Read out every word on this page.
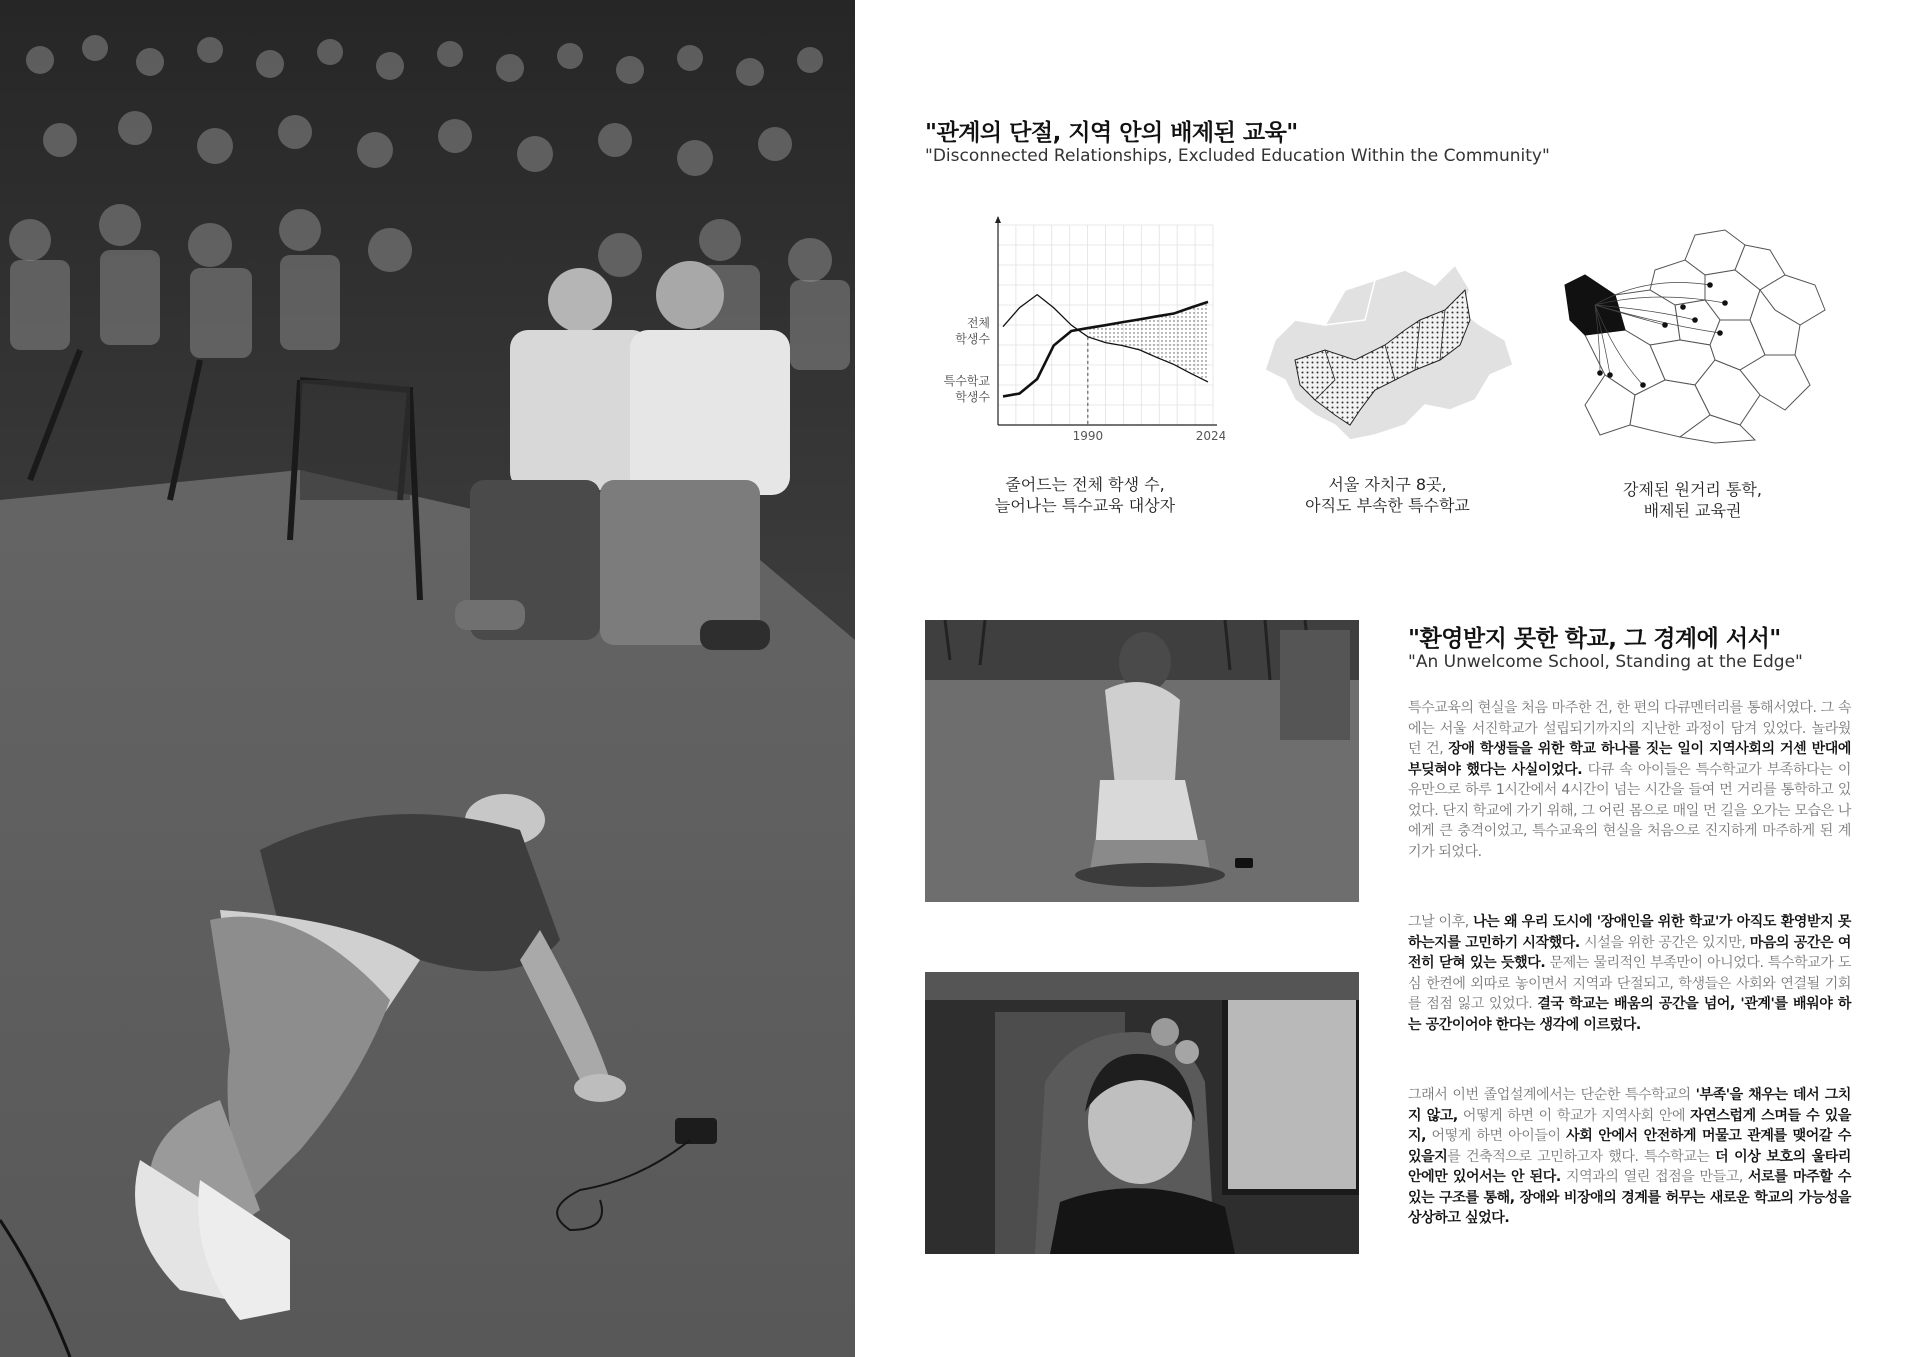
"관계의 단절, 지역 안의 배제된 교육"
"Disconnected Relationships, Excluded Education Within the Community"
전체
학생수
특수학교
학생수
1990	2024
줄어드는 전체 학생 수,
늘어나는 특수교육 대상자
서울 자치구 8곳,
아직도 부속한 특수학교
강제된 원거리 통학,
배제된 교육권
"환영받지 못한 학교, 그 경계에 서서"
"An Unwelcome School, Standing at the Edge"
특수교육의 현실을 처음 마주한 건, 한 편의 다큐멘터리를 통해서였다. 그 속에는 서울 서진학교가 설립되기까지의 지난한 과정이 담겨 있었다. 놀라웠던 건, 장애 학생들을 위한 학교 하나를 짓는 일이 지역사회의 거센 반대에 부딪혀야 했다는 사실이었다. 다큐 속 아이들은 특수학교가 부족하다는 이유만으로 하루 1시간에서 4시간이 넘는 시간을 들여 먼 거리를 통학하고 있었다. 단지 학교에 가기 위해, 그 어린 몸으로 매일 먼 길을 오가는 모습은 나에게 큰 충격이었고, 특수교육의 현실을 처음으로 진지하게 마주하게 된 계기가 되었다.
그날 이후, 나는 왜 우리 도시에 '장애인을 위한 학교'가 아직도 환영받지 못하는지를 고민하기 시작했다. 시설을 위한 공간은 있지만, 마음의 공간은 여전히 닫혀 있는 듯했다. 문제는 물리적인 부족만이 아니었다. 특수학교가 도심 한켠에 외따로 놓이면서 지역과 단절되고, 학생들은 사회와 연결될 기회를 점점 잃고 있었다. 결국 학교는 배움의 공간을 넘어, '관계'를 배워야 하는 공간이어야 한다는 생각에 이르렀다.
그래서 이번 졸업설계에서는 단순한 특수학교의 '부족'을 채우는 데서 그치지 않고, 어떻게 하면 이 학교가 지역사회 안에 자연스럽게 스며들 수 있을지, 어떻게 하면 아이들이 사회 안에서 안전하게 머물고 관계를 맺어갈 수 있을지를 건축적으로 고민하고자 했다. 특수학교는 더 이상 보호의 울타리 안에만 있어서는 안 된다. 지역과의 열린 접점을 만들고, 서로를 마주할 수 있는 구조를 통해, 장애와 비장애의 경계를 허무는 새로운 학교의 가능성을 상상하고 싶었다.
